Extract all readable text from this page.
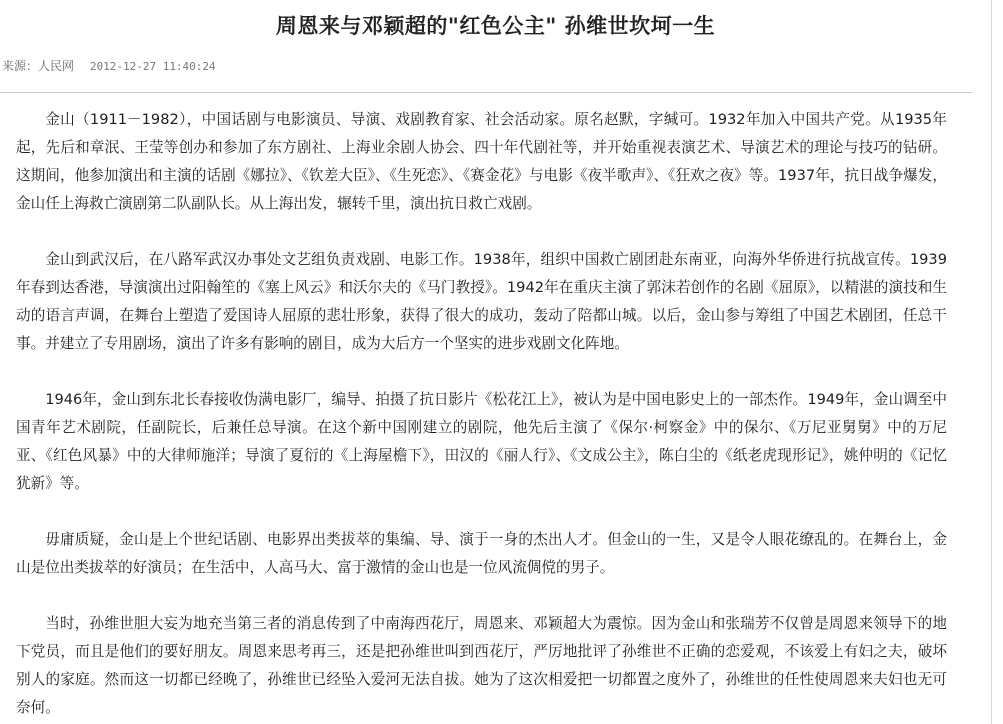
周恩来与邓颖超的"红色公主" 孙维世坎坷一生
来源：人民网 2012-12-27 11:40:24

金山（1911－1982），中国话剧与电影演员、导演、戏剧教育家、社会活动家。原名赵默，字缄可。1932年加入中国共产党。从1935年起，先后和章泯、王莹等创办和参加了东方剧社、上海业余剧人协会、四十年代剧社等，并开始重视表演艺术、导演艺术的理论与技巧的钻研。这期间，他参加演出和主演的话剧《娜拉》、《钦差大臣》、《生死恋》、《赛金花》与电影《夜半歌声》、《狂欢之夜》等。1937年，抗日战争爆发，金山任上海救亡演剧第二队副队长。从上海出发，辗转千里，演出抗日救亡戏剧。

金山到武汉后，在八路军武汉办事处文艺组负责戏剧、电影工作。1938年，组织中国救亡剧团赴东南亚，向海外华侨进行抗战宣传。1939年春到达香港，导演演出过阳翰笙的《塞上风云》和沃尔夫的《马门教授》。1942年在重庆主演了郭沫若创作的名剧《屈原》，以精湛的演技和生动的语言声调，在舞台上塑造了爱国诗人屈原的悲壮形象，获得了很大的成功，轰动了陪都山城。以后，金山参与筹组了中国艺术剧团，任总干事。并建立了专用剧场，演出了许多有影响的剧目，成为大后方一个坚实的进步戏剧文化阵地。

1946年，金山到东北长春接收伪满电影厂，编导、拍摄了抗日影片《松花江上》，被认为是中国电影史上的一部杰作。1949年，金山调至中国青年艺术剧院，任副院长，后兼任总导演。在这个新中国刚建立的剧院，他先后主演了《保尔·柯察金》中的保尔、《万尼亚舅舅》中的万尼亚、《红色风暴》中的大律师施洋；导演了夏衍的《上海屋檐下》，田汉的《丽人行》、《文成公主》，陈白尘的《纸老虎现形记》，姚仲明的《记忆犹新》等。

毋庸质疑，金山是上个世纪话剧、电影界出类拔萃的集编、导、演于一身的杰出人才。但金山的一生，又是令人眼花缭乱的。在舞台上，金山是位出类拔萃的好演员；在生活中，人高马大、富于激情的金山也是一位风流倜傥的男子。

当时，孙维世胆大妄为地充当第三者的消息传到了中南海西花厅，周恩来、邓颖超大为震惊。因为金山和张瑞芳不仅曾是周恩来领导下的地下党员，而且是他们的要好朋友。周恩来思考再三，还是把孙维世叫到西花厅，严厉地批评了孙维世不正确的恋爱观，不该爱上有妇之夫，破坏别人的家庭。然而这一切都已经晚了，孙维世已经坠入爱河无法自拔。她为了这次相爱把一切都置之度外了，孙维世的任性使周恩来夫妇也无可奈何。
